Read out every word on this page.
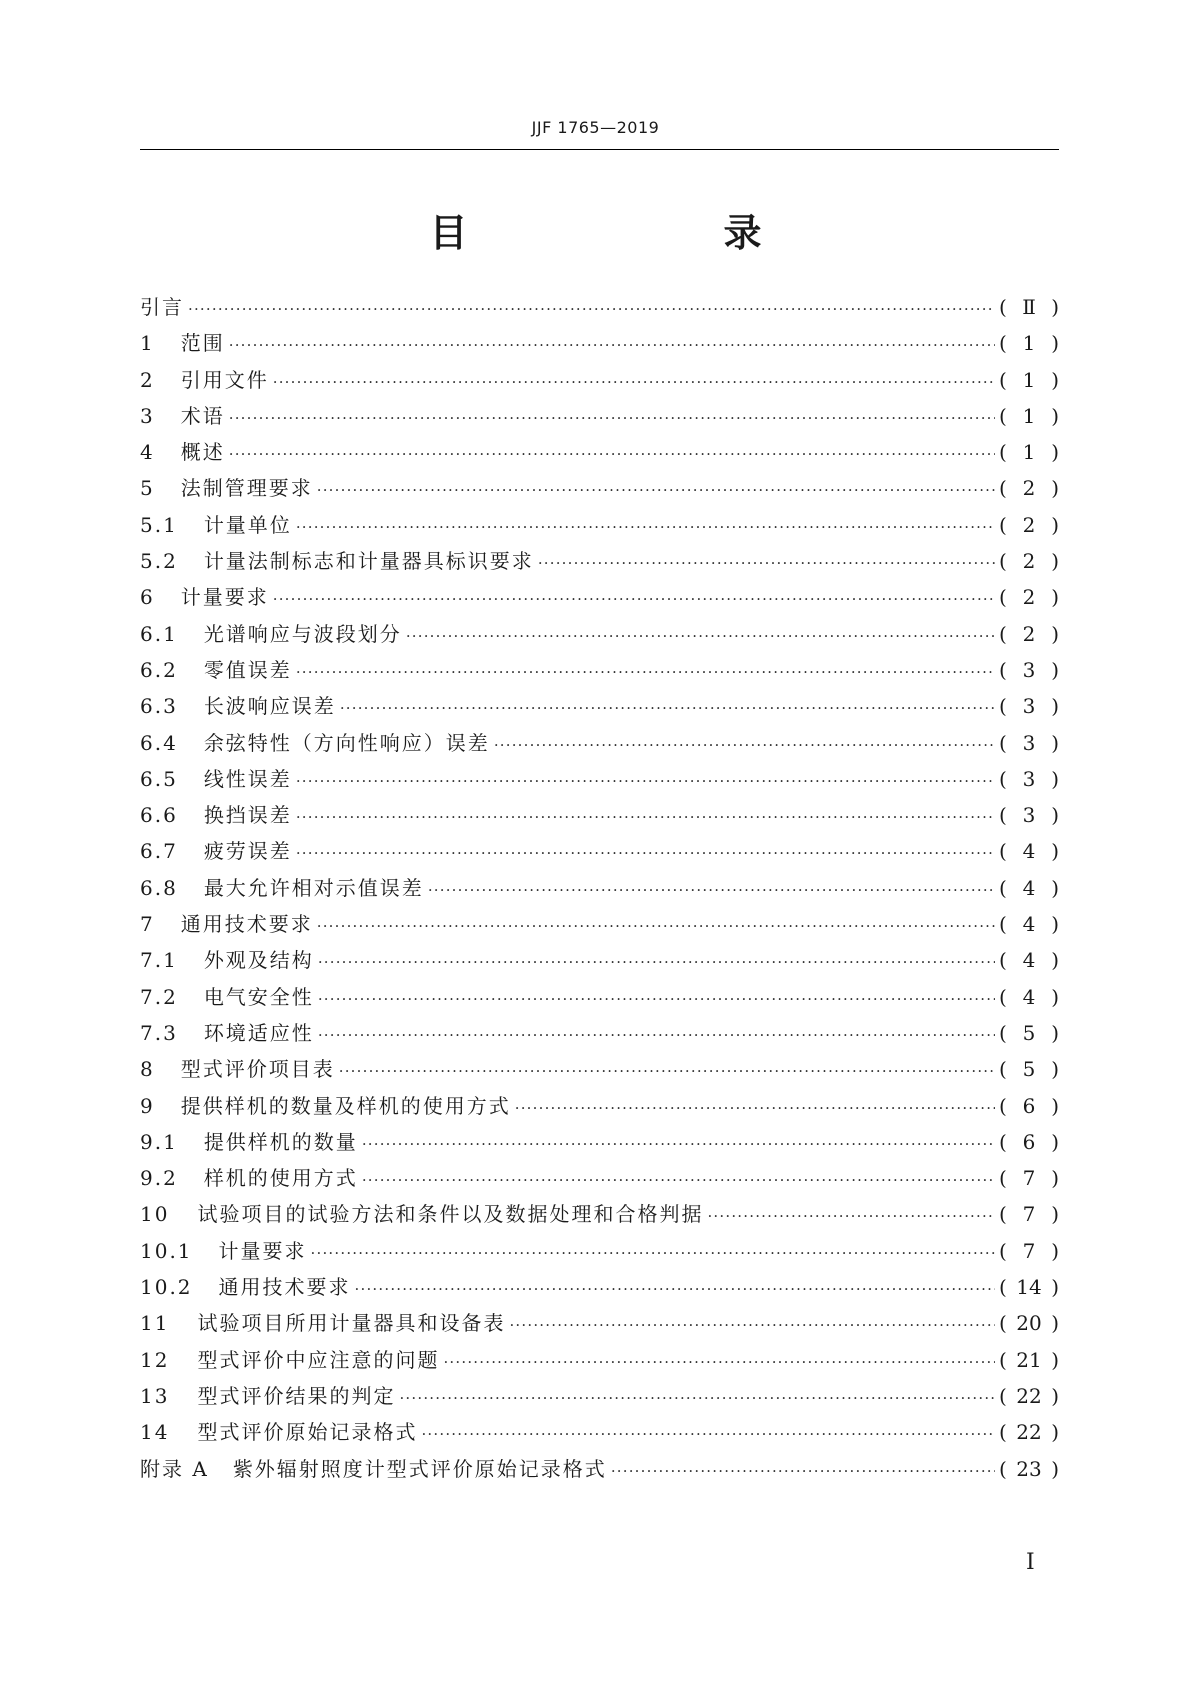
JJF 1765—2019
目　　录
引言 ·····	( Ⅱ )
1 范围 ·····	( 1 )
2 引用文件 ·····	( 1 )
3 术语 ·····	( 1 )
4 概述 ·····	( 1 )
5 法制管理要求 ·····	( 2 )
5.1 计量单位 ·····	( 2 )
5.2 计量法制标志和计量器具标识要求 ·····	( 2 )
6 计量要求 ·····	( 2 )
6.1 光谱响应与波段划分 ·····	( 2 )
6.2 零值误差 ·····	( 3 )
6.3 长波响应误差 ·····	( 3 )
6.4 余弦特性（方向性响应）误差 ·····	( 3 )
6.5 线性误差 ·····	( 3 )
6.6 换挡误差 ·····	( 3 )
6.7 疲劳误差 ·····	( 4 )
6.8 最大允许相对示值误差 ·····	( 4 )
7 通用技术要求 ·····	( 4 )
7.1 外观及结构 ·····	( 4 )
7.2 电气安全性 ·····	( 4 )
7.3 环境适应性 ·····	( 5 )
8 型式评价项目表 ·····	( 5 )
9 提供样机的数量及样机的使用方式 ·····	( 6 )
9.1 提供样机的数量 ·····	( 6 )
9.2 样机的使用方式 ·····	( 7 )
10 试验项目的试验方法和条件以及数据处理和合格判据 ·····	( 7 )
10.1 计量要求 ·····	( 7 )
10.2 通用技术要求 ·····	( 14 )
11 试验项目所用计量器具和设备表 ·····	( 20 )
12 型式评价中应注意的问题 ·····	( 21 )
13 型式评价结果的判定 ·····	( 22 )
14 型式评价原始记录格式 ·····	( 22 )
附录 A 紫外辐射照度计型式评价原始记录格式 ·····	( 23 )
I
